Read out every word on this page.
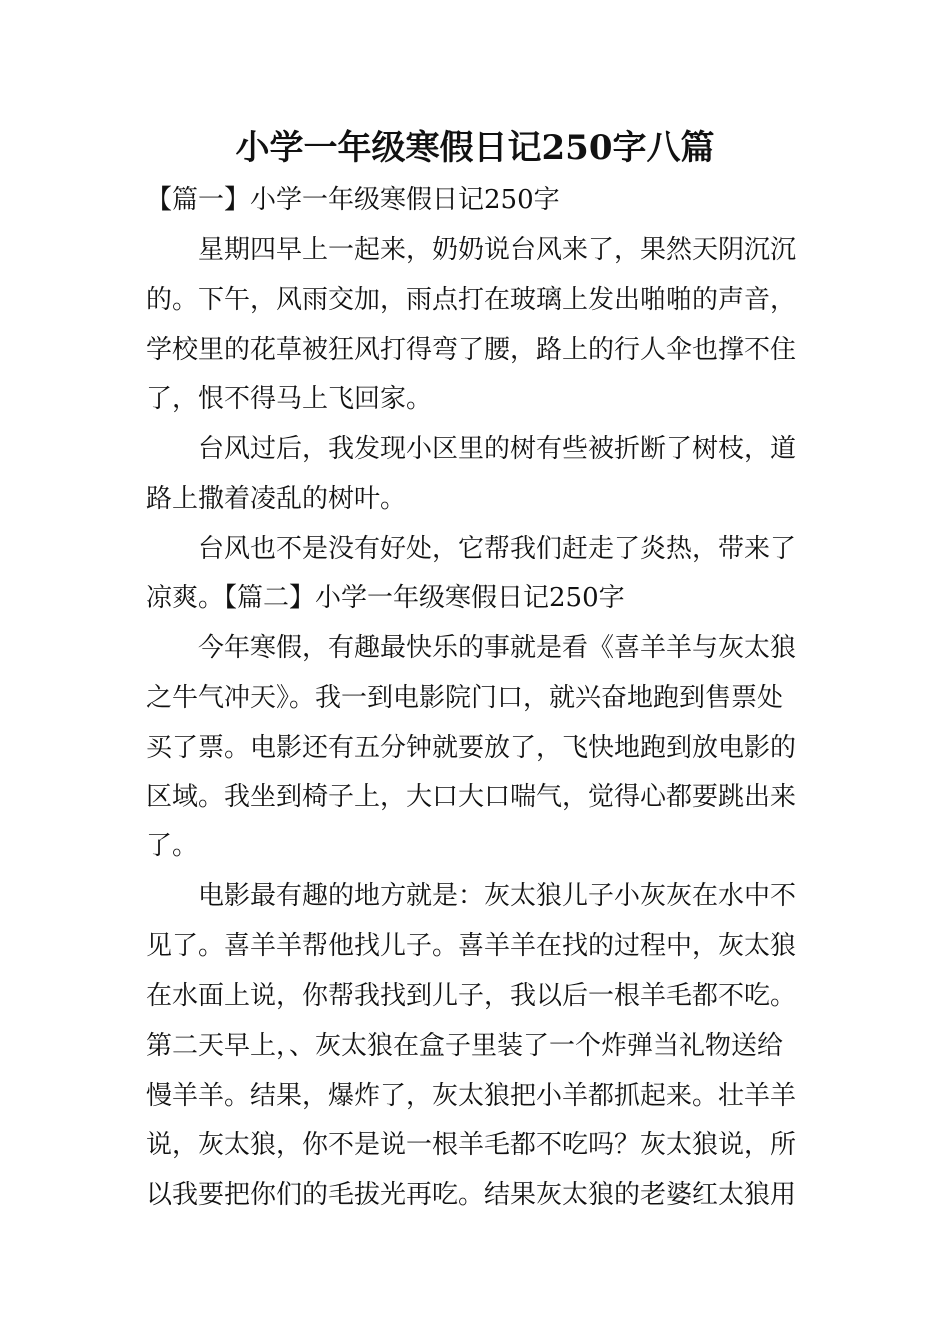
小学一年级寒假日记250字八篇
【篇一】小学一年级寒假日记250字
星期四早上一起来，奶奶说台风来了，果然天阴沉沉
的。下午，风雨交加，雨点打在玻璃上发出啪啪的声音，
学校里的花草被狂风打得弯了腰，路上的行人伞也撑不住
了，恨不得马上飞回家。
台风过后，我发现小区里的树有些被折断了树枝，道
路上撒着凌乱的树叶。
台风也不是没有好处，它帮我们赶走了炎热，带来了
凉爽。【篇二】小学一年级寒假日记250字
今年寒假，有趣最快乐的事就是看《喜羊羊与灰太狼
之牛气冲天》。我一到电影院门口，就兴奋地跑到售票处
买了票。电影还有五分钟就要放了，飞快地跑到放电影的
区域。我坐到椅子上，大口大口喘气，觉得心都要跳出来
了。
电影最有趣的地方就是：灰太狼儿子小灰灰在水中不
见了。喜羊羊帮他找儿子。喜羊羊在找的过程中，灰太狼
在水面上说，你帮我找到儿子，我以后一根羊毛都不吃。
第二天早上，、灰太狼在盒子里装了一个炸弹当礼物送给
慢羊羊。结果，爆炸了，灰太狼把小羊都抓起来。壮羊羊
说，灰太狼，你不是说一根羊毛都不吃吗？灰太狼说，所
以我要把你们的毛拔光再吃。结果灰太狼的老婆红太狼用
